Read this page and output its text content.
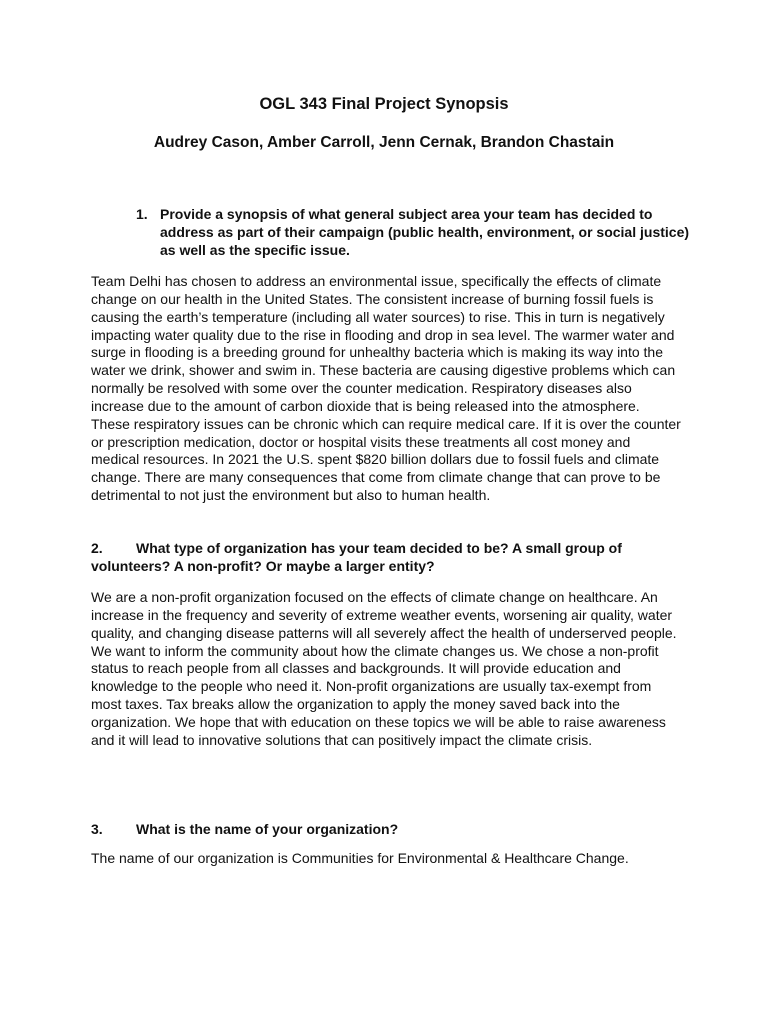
OGL 343 Final Project Synopsis
Audrey Cason, Amber Carroll, Jenn Cernak, Brandon Chastain
1. Provide a synopsis of what general subject area your team has decided to address as part of their campaign (public health, environment, or social justice) as well as the specific issue.
Team Delhi has chosen to address an environmental issue, specifically the effects of climate change on our health in the United States. The consistent increase of burning fossil fuels is causing the earth’s temperature (including all water sources) to rise. This in turn is negatively impacting water quality due to the rise in flooding and drop in sea level. The warmer water and surge in flooding is a breeding ground for unhealthy bacteria which is making its way into the water we drink, shower and swim in. These bacteria are causing digestive problems which can normally be resolved with some over the counter medication. Respiratory diseases also increase due to the amount of carbon dioxide that is being released into the atmosphere. These respiratory issues can be chronic which can require medical care. If it is over the counter or prescription medication, doctor or hospital visits these treatments all cost money and medical resources. In 2021 the U.S. spent $820 billion dollars due to fossil fuels and climate change. There are many consequences that come from climate change that can prove to be detrimental to not just the environment but also to human health.
2. What type of organization has your team decided to be? A small group of volunteers? A non-profit? Or maybe a larger entity?
We are a non-profit organization focused on the effects of climate change on healthcare. An increase in the frequency and severity of extreme weather events, worsening air quality, water quality, and changing disease patterns will all severely affect the health of underserved people. We want to inform the community about how the climate changes us. We chose a non-profit status to reach people from all classes and backgrounds. It will provide education and knowledge to the people who need it. Non-profit organizations are usually tax-exempt from most taxes. Tax breaks allow the organization to apply the money saved back into the organization. We hope that with education on these topics we will be able to raise awareness and it will lead to innovative solutions that can positively impact the climate crisis.
3. What is the name of your organization?
The name of our organization is Communities for Environmental & Healthcare Change.
